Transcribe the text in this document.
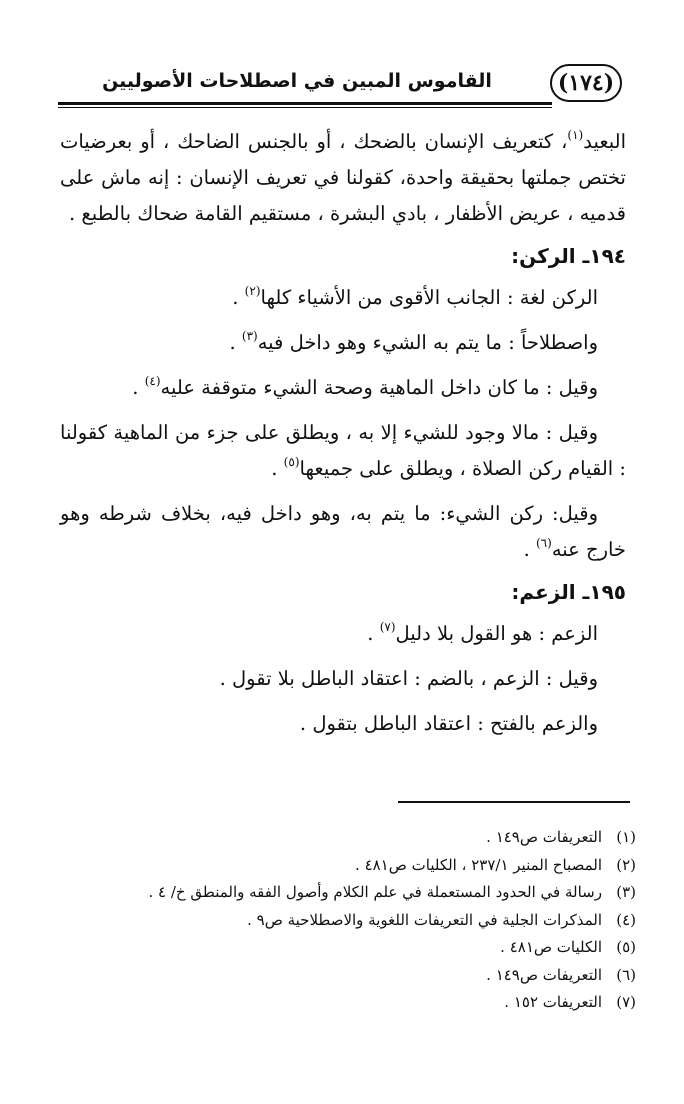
(١٧٤)
القاموس المبين في اصطلاحات الأصوليين

البعيد$^{(١)}$، كتعريف الإنسان بالضحك ، أو بالجنس الضاحك ، أو بعرضيات تختص جملتها بحقيقة واحدة، كقولنا في تعريف الإنسان : إنه ماش على قدميه ، عريض الأظفار ، بادي البشرة ، مستقيم القامة ضحاك بالطبع .

١٩٤ـ الركن:

الركن لغة : الجانب الأقوى من الأشياء كلها$^{(٢)}$ .

واصطلاحاً : ما يتم به الشيء وهو داخل فيه$^{(٣)}$ .

وقيل : ما كان داخل الماهية وصحة الشيء متوقفة عليه$^{(٤)}$ .

وقيل : مالا وجود للشيء إلا به ، ويطلق على جزء من الماهية كقولنا : القيام ركن الصلاة ، ويطلق على جميعها$^{(٥)}$ .

وقيل: ركن الشيء: ما يتم به، وهو داخل فيه، بخلاف شرطه وهو خارج عنه$^{(٦)}$ .

١٩٥ـ الزعم:

الزعم : هو القول بلا دليل$^{(٧)}$ .

وقيل : الزعم ، بالضم : اعتقاد الباطل بلا تقول .

والزعم بالفتح : اعتقاد الباطل بتقول .

(١)التعريفات ص١٤٩ .
(٢)المصباح المنير ٢٣٧/١ ، الكليات ص٤٨١ .
(٣)رسالة في الحدود المستعملة في علم الكلام وأصول الفقه والمنطق خ/ ٤ .
(٤)المذكرات الجلية في التعريفات اللغوية والاصطلاحية ص٩ .
(٥)الكليات ص٤٨١ .
(٦)التعريفات ص١٤٩ .
(٧)التعريفات ١٥٢ .
